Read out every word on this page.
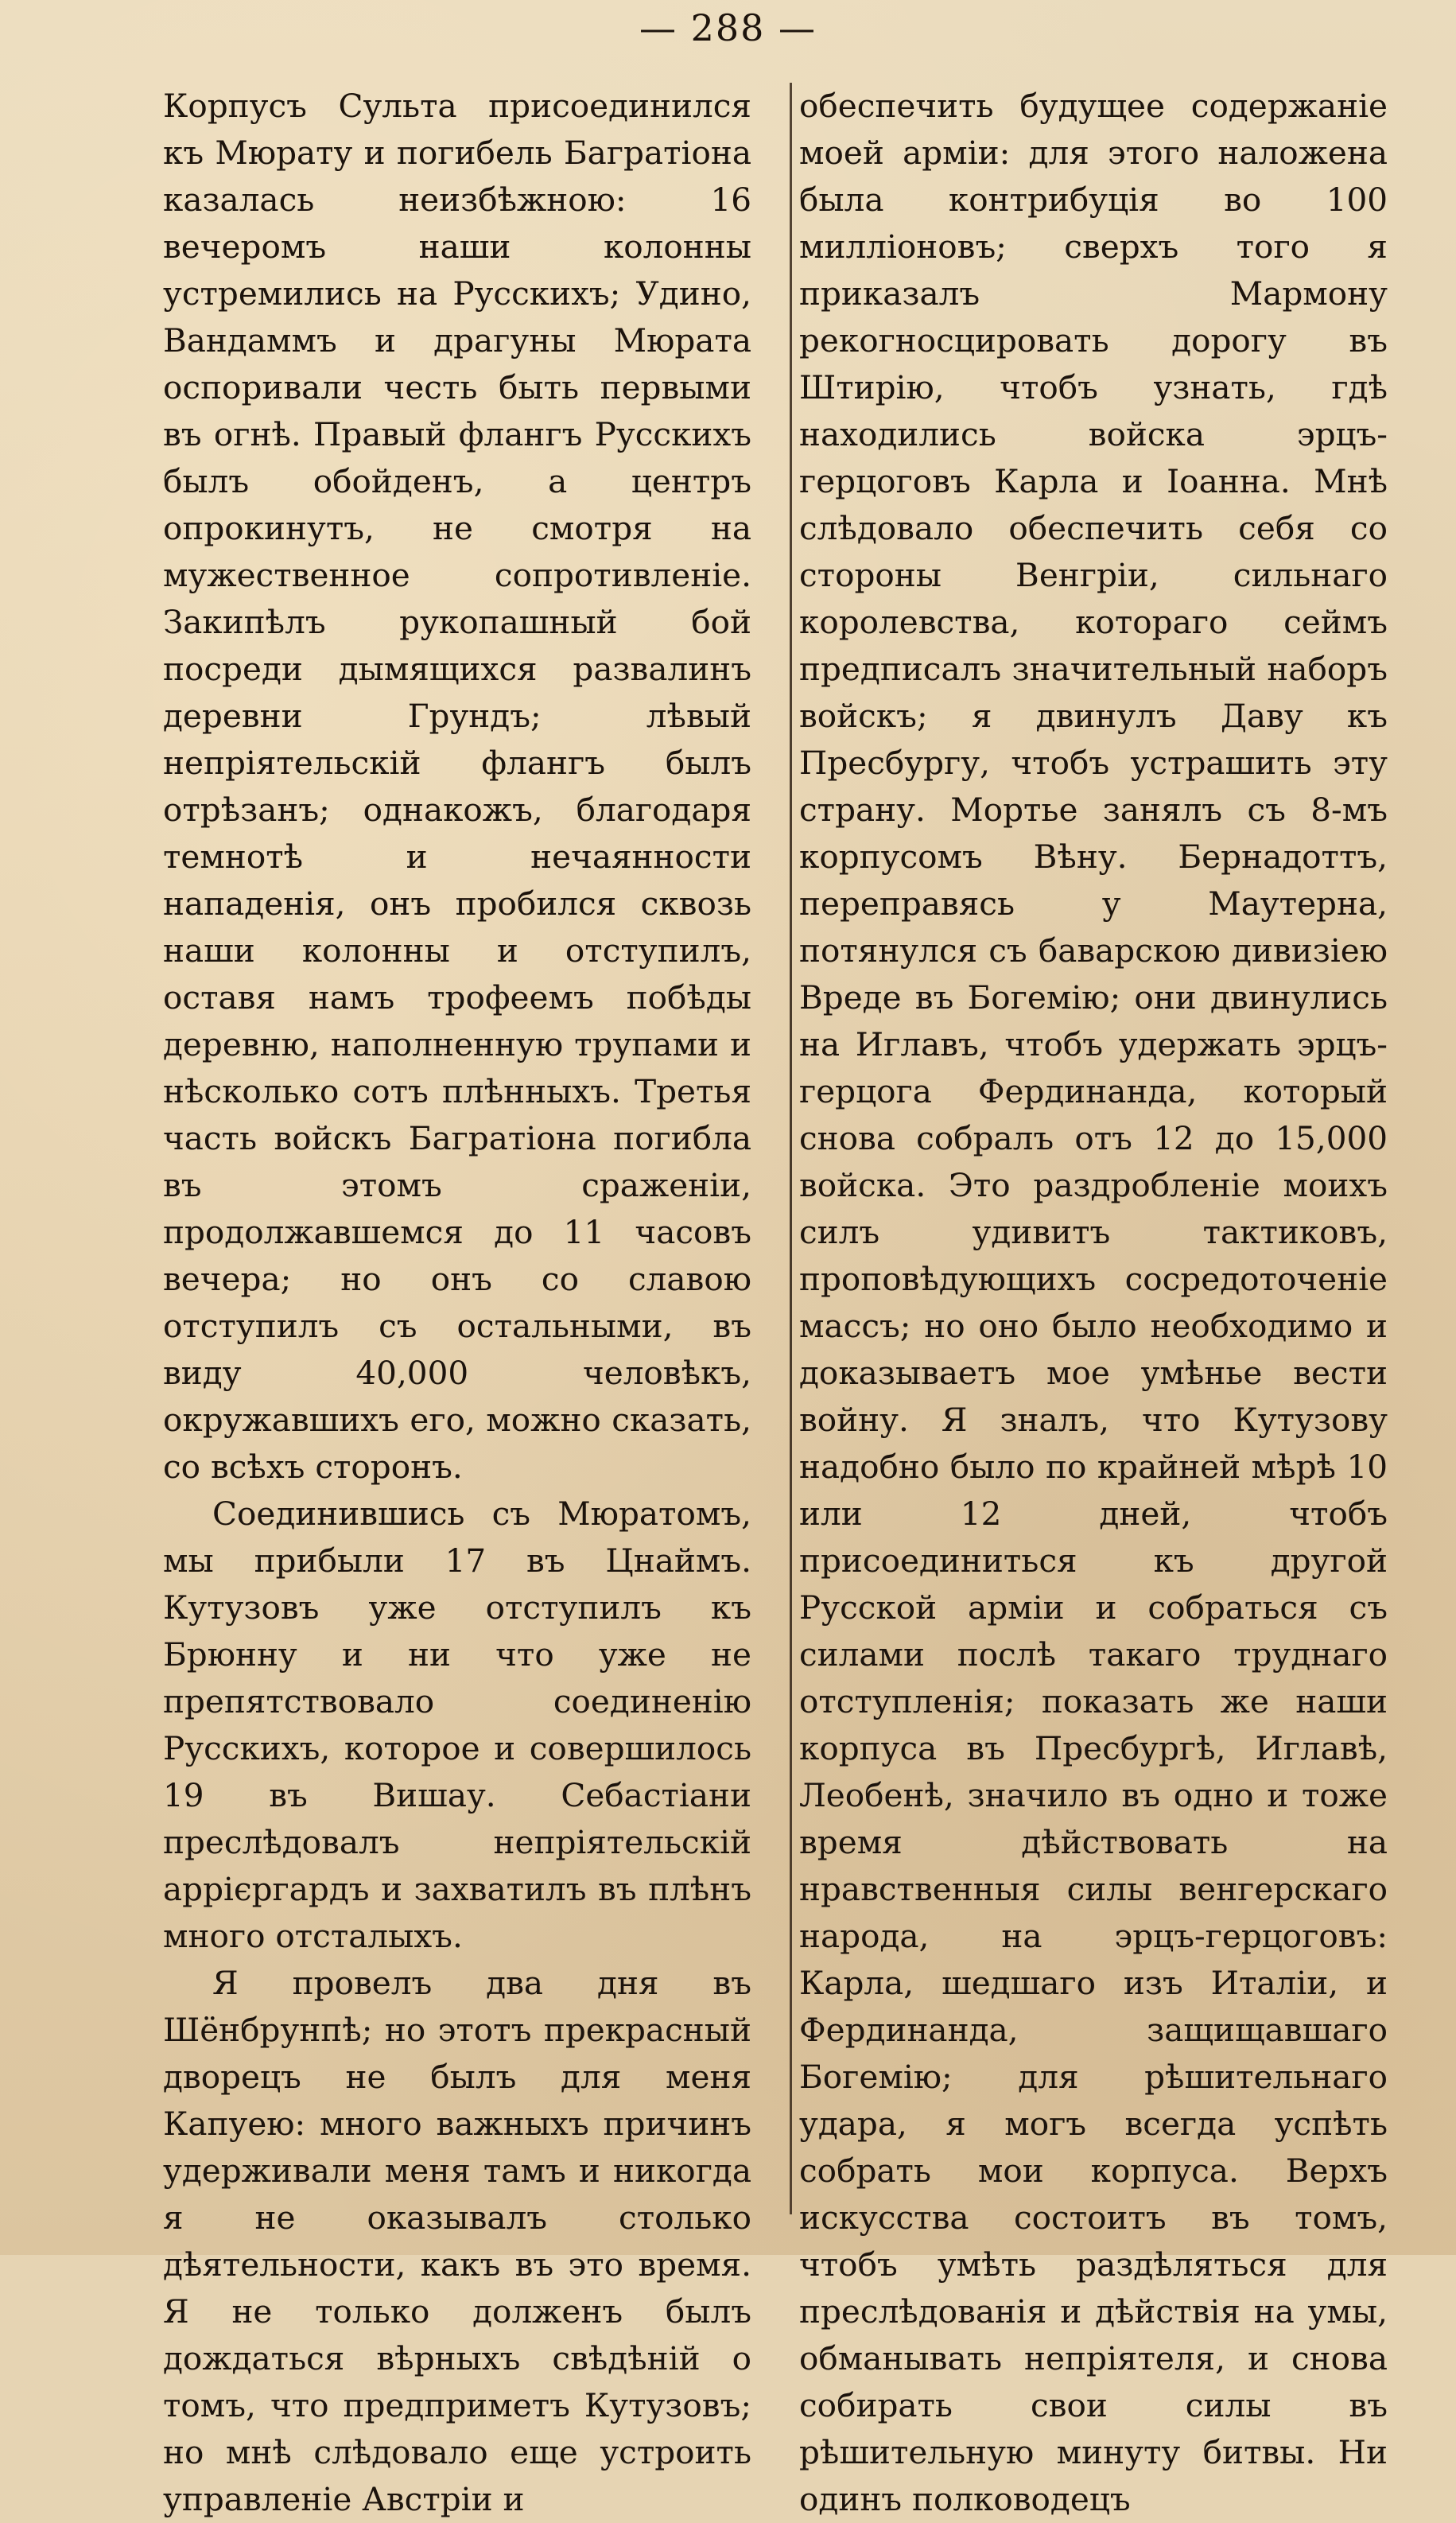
— 288 —

Корпусъ Сульта присоединился къ Мюрату и погибель Багратіона казалась неизбѣжною: 16 вечеромъ наши колонны устремились на Русскихъ; Удино, Вандаммъ и драгуны Мюрата оспоривали честь быть первыми въ огнѣ. Правый флангъ Русскихъ былъ обойденъ, а центръ опрокинутъ, не смотря на мужественное сопротивленіе. Закипѣлъ рукопашный бой посреди дымящихся развалинъ деревни Грундъ; лѣвый непріятельскій флангъ былъ отрѣзанъ; однакожъ, благодаря темнотѣ и нечаянности нападенія, онъ пробился сквозь наши колонны и отступилъ, оставя намъ трофеемъ побѣды деревню, наполненную трупами и нѣсколько сотъ плѣнныхъ. Третья часть войскъ Багратіона погибла въ этомъ сраженіи, продолжавшемся до 11 часовъ вечера; но онъ со славою отступилъ съ остальными, въ виду 40,000 человѣкъ, окружавшихъ его, можно сказать, со всѣхъ сторонъ.

Соединившись съ Мюратомъ, мы прибыли 17 въ Цнаймъ. Кутузовъ уже отступилъ къ Брюнну и ни что уже не препятствовало соединенію Русскихъ, которое и совершилось 19 въ Вишау. Себастіани преслѣдовалъ непріятельскій аррієргардъ и захватилъ въ плѣнъ много отсталыхъ.

Я провелъ два дня въ Шёнбрунпѣ; но этотъ прекрасный дворецъ не былъ для меня Капуею: много важныхъ причинъ удерживали меня тамъ и никогда я не оказывалъ столько дѣятельности, какъ въ это время. Я не только долженъ былъ дождаться вѣрныхъ свѣдѣній о томъ, что предприметъ Кутузовъ; но мнѣ слѣдовало еще устроить управленіе Австріи и

обеспечить будущее содержаніе моей арміи: для этого наложена была контрибуція во 100 милліоновъ; сверхъ того я приказалъ Мармону рекогносцировать дорогу въ Штирію, чтобъ узнать, гдѣ находились войска эрцъ-герцоговъ Карла и Іоанна. Мнѣ слѣдовало обеспечить себя со стороны Венгріи, сильнаго королевства, котораго сеймъ предписалъ значительный наборъ войскъ; я двинулъ Даву къ Пресбургу, чтобъ устрашить эту страну. Мортье занялъ съ 8-мъ корпусомъ Вѣну. Бернадоттъ, переправясь у Маутерна, потянулся съ баварскою дивизіею Вреде въ Богемію; они двинулись на Иглавъ, чтобъ удержать эрцъ-герцога Фердинанда, который снова собралъ отъ 12 до 15,000 войска. Это раздробленіе моихъ силъ удивитъ тактиковъ, проповѣдующихъ сосредоточеніе массъ; но оно было необходимо и доказываетъ мое умѣнье вести войну. Я зналъ, что Кутузову надобно было по крайней мѣрѣ 10 или 12 дней, чтобъ присоединиться къ другой Русской арміи и собраться съ силами послѣ такаго труднаго отступленія; показать же наши корпуса въ Пресбургѣ, Иглавѣ, Леобенѣ, значило въ одно и тоже время дѣйствовать на нравственныя силы венгерскаго народа, на эрцъ-герцоговъ: Карла, шедшаго изъ Италіи, и Фердинанда, защищавшаго Богемію; для рѣшительнаго удара, я могъ всегда успѣть собрать мои корпуса. Верхъ искусства состоитъ въ томъ, чтобъ умѣть раздѣляться для преслѣдованія и дѣйствія на умы, обманывать непріятеля, и снова собирать свои силы въ рѣшительную минуту битвы. Ни одинъ полководецъ
